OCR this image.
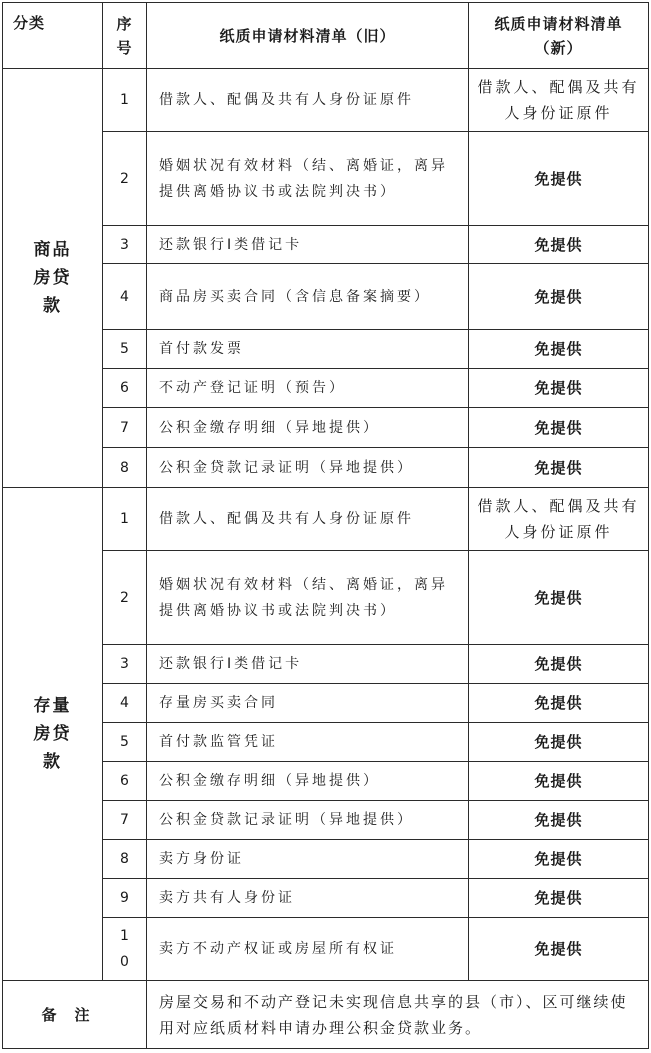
分类	序号	纸质申请材料清单（旧）	纸质申请材料清单（新）

商品房贷款	1	借款人、配偶及共有人身份证原件	借款人、配偶及共有人身份证原件

	2	婚姻状况有效材料（结、离婚证，离异提供离婚协议书或法院判决书）	免提供

	3	还款银行I类借记卡	免提供

	4	商品房买卖合同（含信息备案摘要）	免提供

	5	首付款发票	免提供

	6	不动产登记证明（预告）	免提供

	7	公积金缴存明细（异地提供）	免提供

	8	公积金贷款记录证明（异地提供）	免提供

存量房贷款	1	借款人、配偶及共有人身份证原件	借款人、配偶及共有人身份证原件

	2	婚姻状况有效材料（结、离婚证，离异提供离婚协议书或法院判决书）	免提供

	3	还款银行I类借记卡	免提供

	4	存量房买卖合同	免提供

	5	首付款监管凭证	免提供

	6	公积金缴存明细（异地提供）	免提供

	7	公积金贷款记录证明（异地提供）	免提供

	8	卖方身份证	免提供

	9	卖方共有人身份证	免提供

	10	卖方不动产权证或房屋所有权证	免提供
备注		房屋交易和不动产登记未实现信息共享的县（市）、区可继续使用对应纸质材料申请办理公积金贷款业务。	
